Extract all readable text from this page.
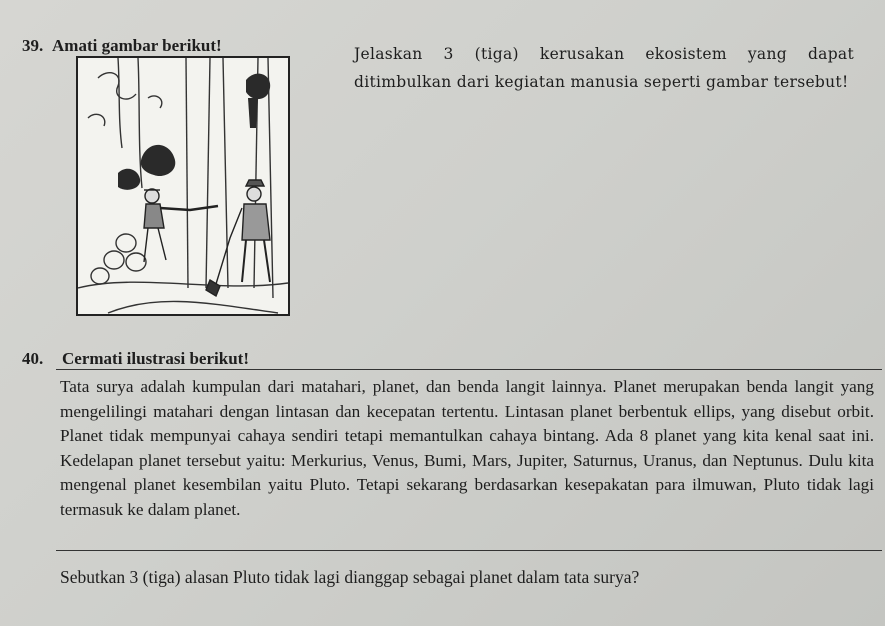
39. Amati gambar berikut!	Jelaskan 3 (tiga) kerusakan ekosistem yang dapat ditimbulkan dari kegiatan manusia seperti gambar tersebut!
40. Cermati ilustrasi berikut!
Tata surya adalah kumpulan dari matahari, planet, dan benda langit lainnya. Planet merupakan benda langit yang mengelilingi matahari dengan lintasan dan kecepatan tertentu. Lintasan planet berbentuk ellips, yang disebut orbit. Planet tidak mempunyai cahaya sendiri tetapi memantulkan cahaya bintang. Ada 8 planet yang kita kenal saat ini. Kedelapan planet tersebut yaitu: Merkurius, Venus, Bumi, Mars, Jupiter, Saturnus, Uranus, dan Neptunus. Dulu kita mengenal planet kesembilan yaitu Pluto. Tetapi sekarang berdasarkan kesepakatan para ilmuwan, Pluto tidak lagi termasuk ke dalam planet.
Sebutkan 3 (tiga) alasan Pluto tidak lagi dianggap sebagai planet dalam tata surya?
